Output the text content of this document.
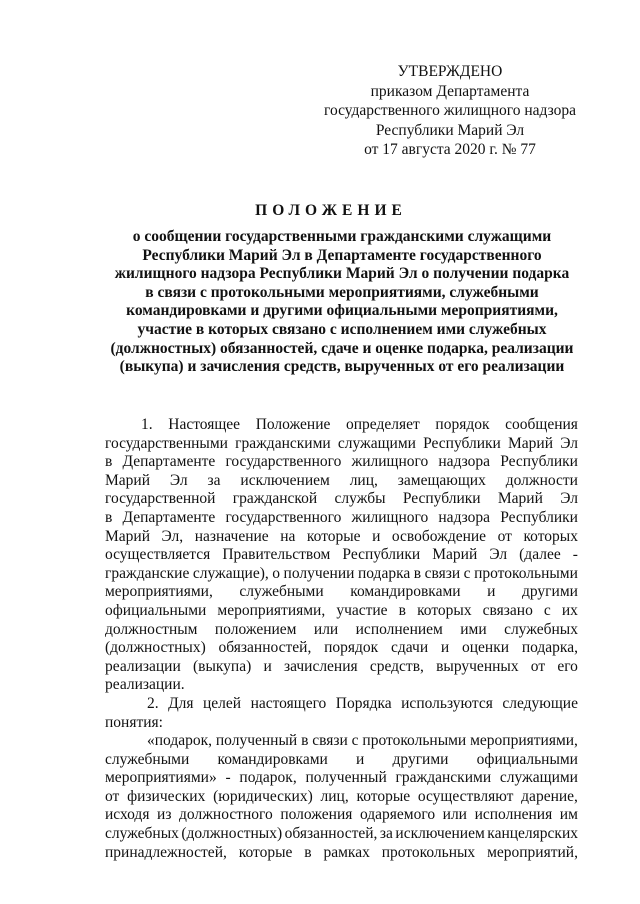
УТВЕРЖДЕНО
приказом Департамента
государственного жилищного надзора
Республики Марий Эл
от 17 августа 2020 г. № 77
ПОЛОЖЕНИЕ
о сообщении государственными гражданскими служащими
Республики Марий Эл в Департаменте государственного
жилищного надзора Республики Марий Эл о получении подарка
в связи с протокольными мероприятиями, служебными
командировками и другими официальными мероприятиями,
участие в которых связано с исполнением ими служебных
(должностных) обязанностей, сдаче и оценке подарка, реализации
(выкупа) и зачисления средств, вырученных от его реализации
1. Настоящее Положение определяет порядок сообщения
государственными гражданскими служащими Республики Марий Эл
в Департаменте государственного жилищного надзора Республики
Марий Эл за исключением лиц, замещающих должности
государственной гражданской службы Республики Марий Эл
в Департаменте государственного жилищного надзора Республики
Марий Эл, назначение на которые и освобождение от которых
осуществляется Правительством Республики Марий Эл (далее -
гражданские служащие), о получении подарка в связи с протокольными
мероприятиями, служебными командировками и другими
официальными мероприятиями, участие в которых связано с их
должностным положением или исполнением ими служебных
(должностных) обязанностей, порядок сдачи и оценки подарка,
реализации (выкупа) и зачисления средств, вырученных от его
реализации.
2. Для целей настоящего Порядка используются следующие
понятия:
«подарок, полученный в связи с протокольными мероприятиями,
служебными командировками и другими официальными
мероприятиями» - подарок, полученный гражданскими служащими
от физических (юридических) лиц, которые осуществляют дарение,
исходя из должностного положения одаряемого или исполнения им
служебных (должностных) обязанностей, за исключением канцелярских
принадлежностей, которые в рамках протокольных мероприятий,
